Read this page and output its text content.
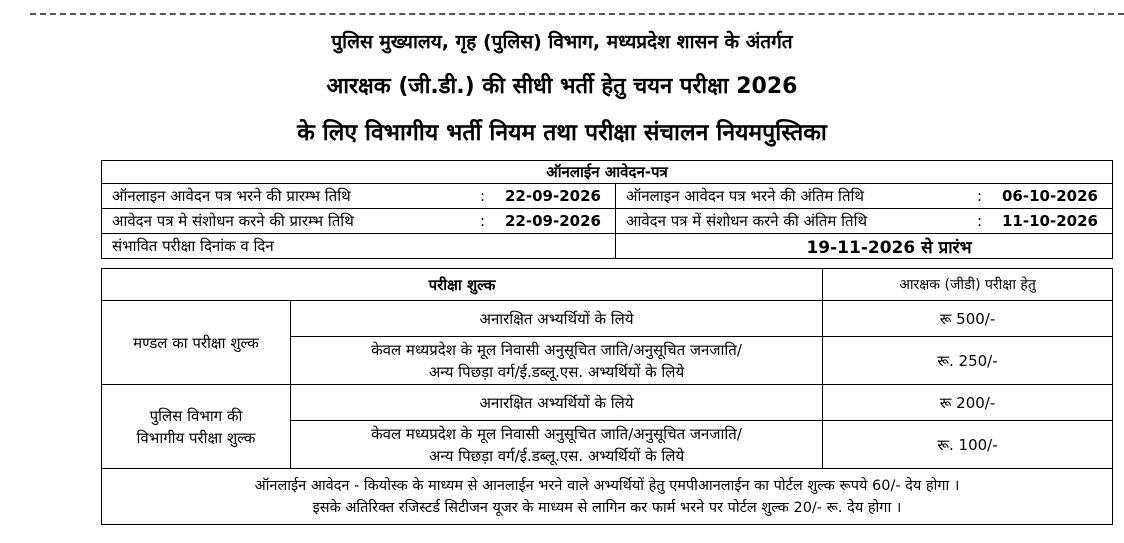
पुलिस मुख्यालय, गृह (पुलिस) विभाग, मध्यप्रदेश शासन के अंतर्गत
आरक्षक (जी.डी.) की सीधी भर्ती हेतु चयन परीक्षा 2026
के लिए विभागीय भर्ती नियम तथा परीक्षा संचालन नियमपुस्तिका
ऑनलाईन आवेदन-पत्र	

ऑनलाइन आवेदन पत्र भरने की प्रारम्भ तिथि : 22-09-2026	ऑनलाइन आवेदन पत्र भरने की अंतिम तिथि : 06-10-2026

आवेदन पत्र मे संशोधन करने की प्रारम्भ तिथि : 22-09-2026	आवेदन पत्र में संशोधन करने की अंतिम तिथि : 11-10-2026

संभावित परीक्षा दिनांक व दिन	19-11-2026 से प्रारंभ
परीक्षा शुल्क		आरक्षक (जीडी) परीक्षा हेतु
मण्डल का परीक्षा शुल्क	अनारक्षित अभ्यर्थियों के लिये	रू 500/-

	केवल मध्यप्रदेश के मूल निवासी अनुसूचित जाति/अनुसूचित जनजाति/
अन्य पिछड़ा वर्ग/ई.डब्लू.एस. अभ्यर्थियों के लिये	रू. 250/-

पुलिस विभाग की
विभागीय परीक्षा शुल्क	अनारक्षित अभ्यर्थियों के लिये	रू 200/-

	केवल मध्यप्रदेश के मूल निवासी अनुसूचित जाति/अनुसूचित जनजाति/
अन्य पिछड़ा वर्ग/ई.डब्लू.एस. अभ्यर्थियों के लिये	रू. 100/-

ऑनलाईन आवेदन - कियोस्क के माध्यम से आनलाईन भरने वाले अभ्यर्थियों हेतु एमपीआनलाईन का पोर्टल शुल्क रूपये 60/- देय होगा ।
इसके अतिरिक्त रजिस्टर्ड सिटीजन यूजर के माध्यम से लागिन कर फार्म भरने पर पोर्टल शुल्क 20/- रू. देय होगा ।		
